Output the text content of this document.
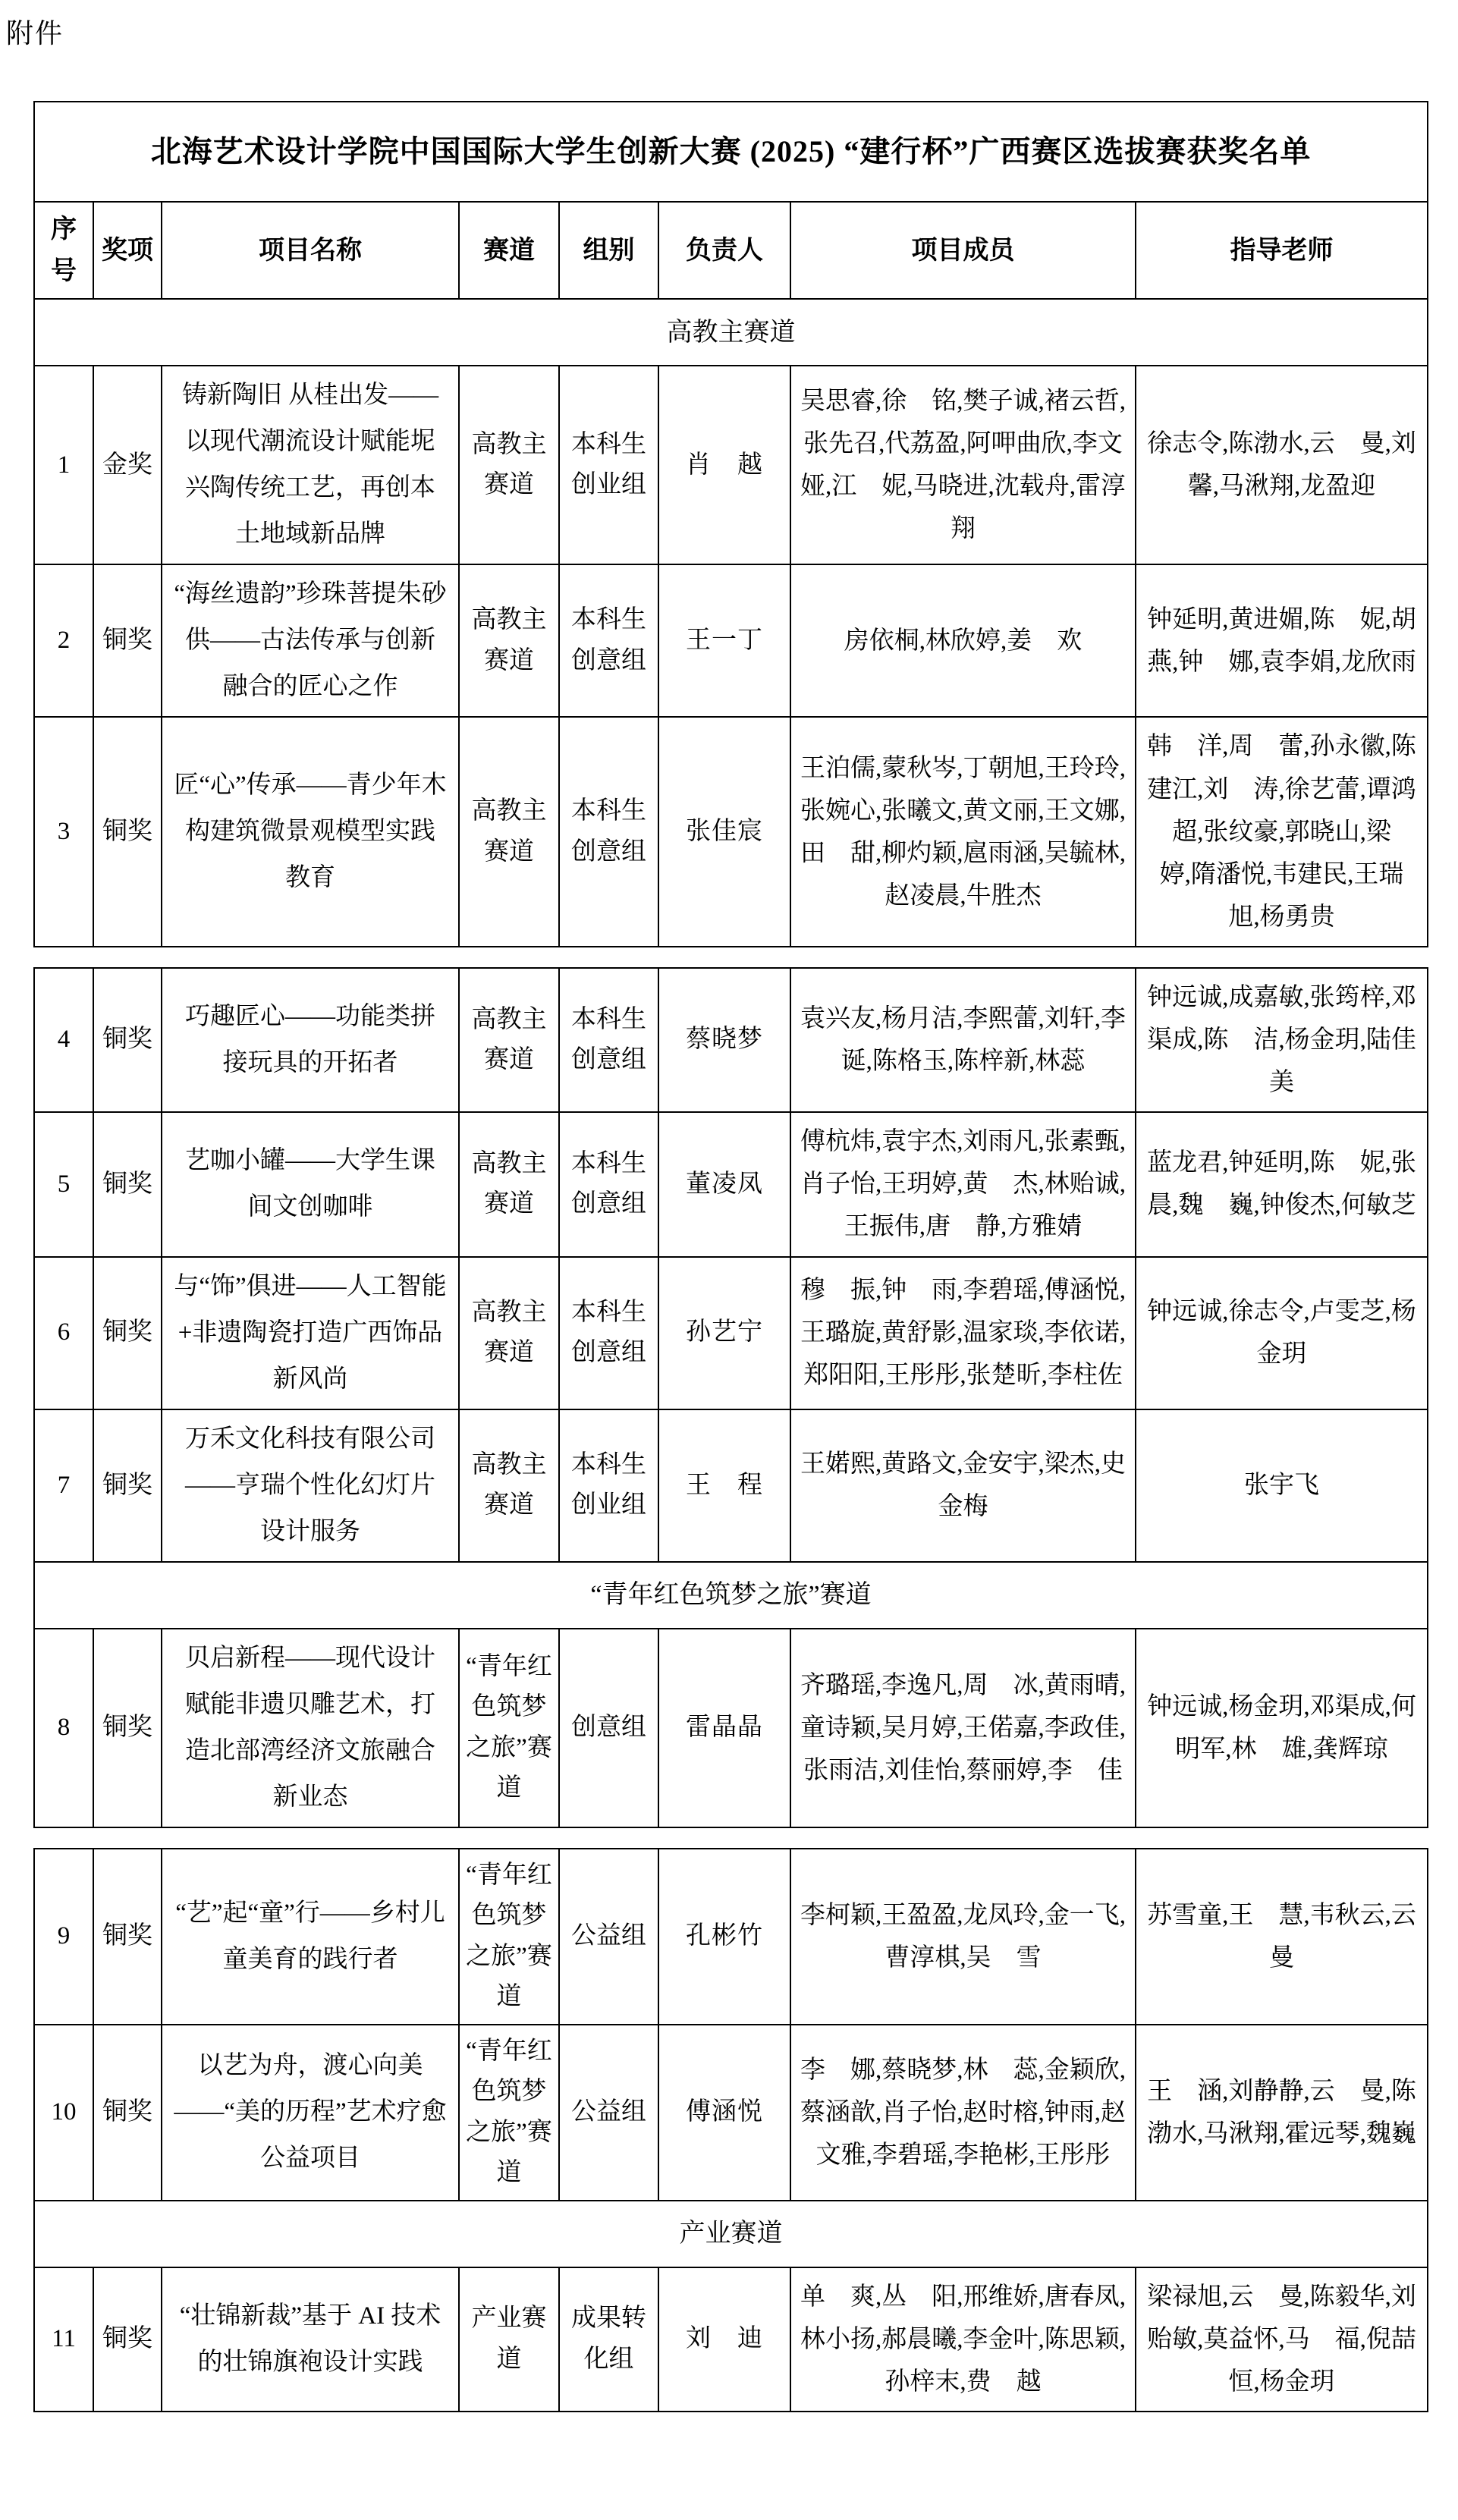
附件
北海艺术设计学院中国国际大学生创新大赛 (2025) “建行杯”广西赛区选拔赛获奖名单							
序号	奖项	项目名称	赛道	组别	负责人	项目成员	指导老师
高教主赛道							
1	金奖	铸新陶旧 从桂出发——以现代潮流设计赋能坭兴陶传统工艺，再创本土地域新品牌	高教主赛道	本科生创业组	肖　越	吴思睿,徐　铭,樊子诚,褚云哲,张先召,代荔盈,阿呷曲欣,李文娅,江　妮,马晓进,沈载舟,雷淳翔	徐志令,陈渤水,云　曼,刘馨,马湫翔,龙盈迎
2	铜奖	“海丝遗韵”珍珠菩提朱砂供——古法传承与创新融合的匠心之作	高教主赛道	本科生创意组	王一丁	房依桐,林欣婷,姜　欢	钟延明,黄进媚,陈　妮,胡燕,钟　娜,袁李娟,龙欣雨
3	铜奖	匠“心”传承——青少年木构建筑微景观模型实践教育	高教主赛道	本科生创意组	张佳宸	王泊儒,蒙秋岑,丁朝旭,王玲玲,张婉心,张曦文,黄文丽,王文娜,田　甜,柳灼颖,扈雨涵,吴毓林,赵凌晨,牛胜杰	韩　洋,周　蕾,孙永徽,陈建江,刘　涛,徐艺蕾,谭鸿超,张纹豪,郭晓山,梁　婷,隋潘悦,韦建民,王瑞旭,杨勇贵
4	铜奖	巧趣匠心——功能类拼接玩具的开拓者	高教主赛道	本科生创意组	蔡晓梦	袁兴友,杨月洁,李熙蕾,刘轩,李　诞,陈格玉,陈梓新,林蕊	钟远诚,成嘉敏,张筠梓,邓渠成,陈　洁,杨金玥,陆佳美
5	铜奖	艺咖小罐——大学生课间文创咖啡	高教主赛道	本科生创意组	董凌凤	傅杭炜,袁宇杰,刘雨凡,张素甄,肖子怡,王玥婷,黄　杰,林贻诚,王振伟,唐　静,方雅婧	蓝龙君,钟延明,陈　妮,张晨,魏　巍,钟俊杰,何敏芝
6	铜奖	与“饰”俱进——人工智能+非遗陶瓷打造广西饰品新风尚	高教主赛道	本科生创意组	孙艺宁	穆　振,钟　雨,李碧瑶,傅涵悦,王璐旋,黄舒影,温家琰,李依诺,郑阳阳,王彤彤,张楚昕,李柱佐	钟远诚,徐志令,卢雯芝,杨金玥
7	铜奖	万禾文化科技有限公司——亨瑞个性化幻灯片设计服务	高教主赛道	本科生创业组	王　程	王婼熙,黄路文,金安宇,梁杰,史金梅	张宇飞
“青年红色筑梦之旅”赛道							
8	铜奖	贝启新程——现代设计赋能非遗贝雕艺术，打造北部湾经济文旅融合新业态	“青年红色筑梦之旅”赛道	创意组	雷晶晶	齐璐瑶,李逸凡,周　冰,黄雨晴,童诗颖,吴月婷,王偌嘉,李政佳,张雨洁,刘佳怡,蔡丽婷,李　佳	钟远诚,杨金玥,邓渠成,何明军,林　雄,龚辉琼
9	铜奖	“艺”起“童”行——乡村儿童美育的践行者	“青年红色筑梦之旅”赛道	公益组	孔彬竹	李柯颖,王盈盈,龙凤玲,金一飞,曹淳棋,吴　雪	苏雪童,王　慧,韦秋云,云曼
10	铜奖	以艺为舟，渡心向美——“美的历程”艺术疗愈公益项目	“青年红色筑梦之旅”赛道	公益组	傅涵悦	李　娜,蔡晓梦,林　蕊,金颖欣,蔡涵歆,肖子怡,赵时榕,钟雨,赵文雅,李碧瑶,李艳彬,王彤彤	王　涵,刘静静,云　曼,陈渤水,马湫翔,霍远琴,魏巍
产业赛道							
11	铜奖	“壮锦新裁”基于 AI 技术的壮锦旗袍设计实践	产业赛道	成果转化组	刘　迪	单　爽,丛　阳,邢维娇,唐春凤,林小扬,郝晨曦,李金叶,陈思颖,孙梓末,费　越	梁禄旭,云　曼,陈毅华,刘贻敏,莫益怀,马　福,倪喆恒,杨金玥
